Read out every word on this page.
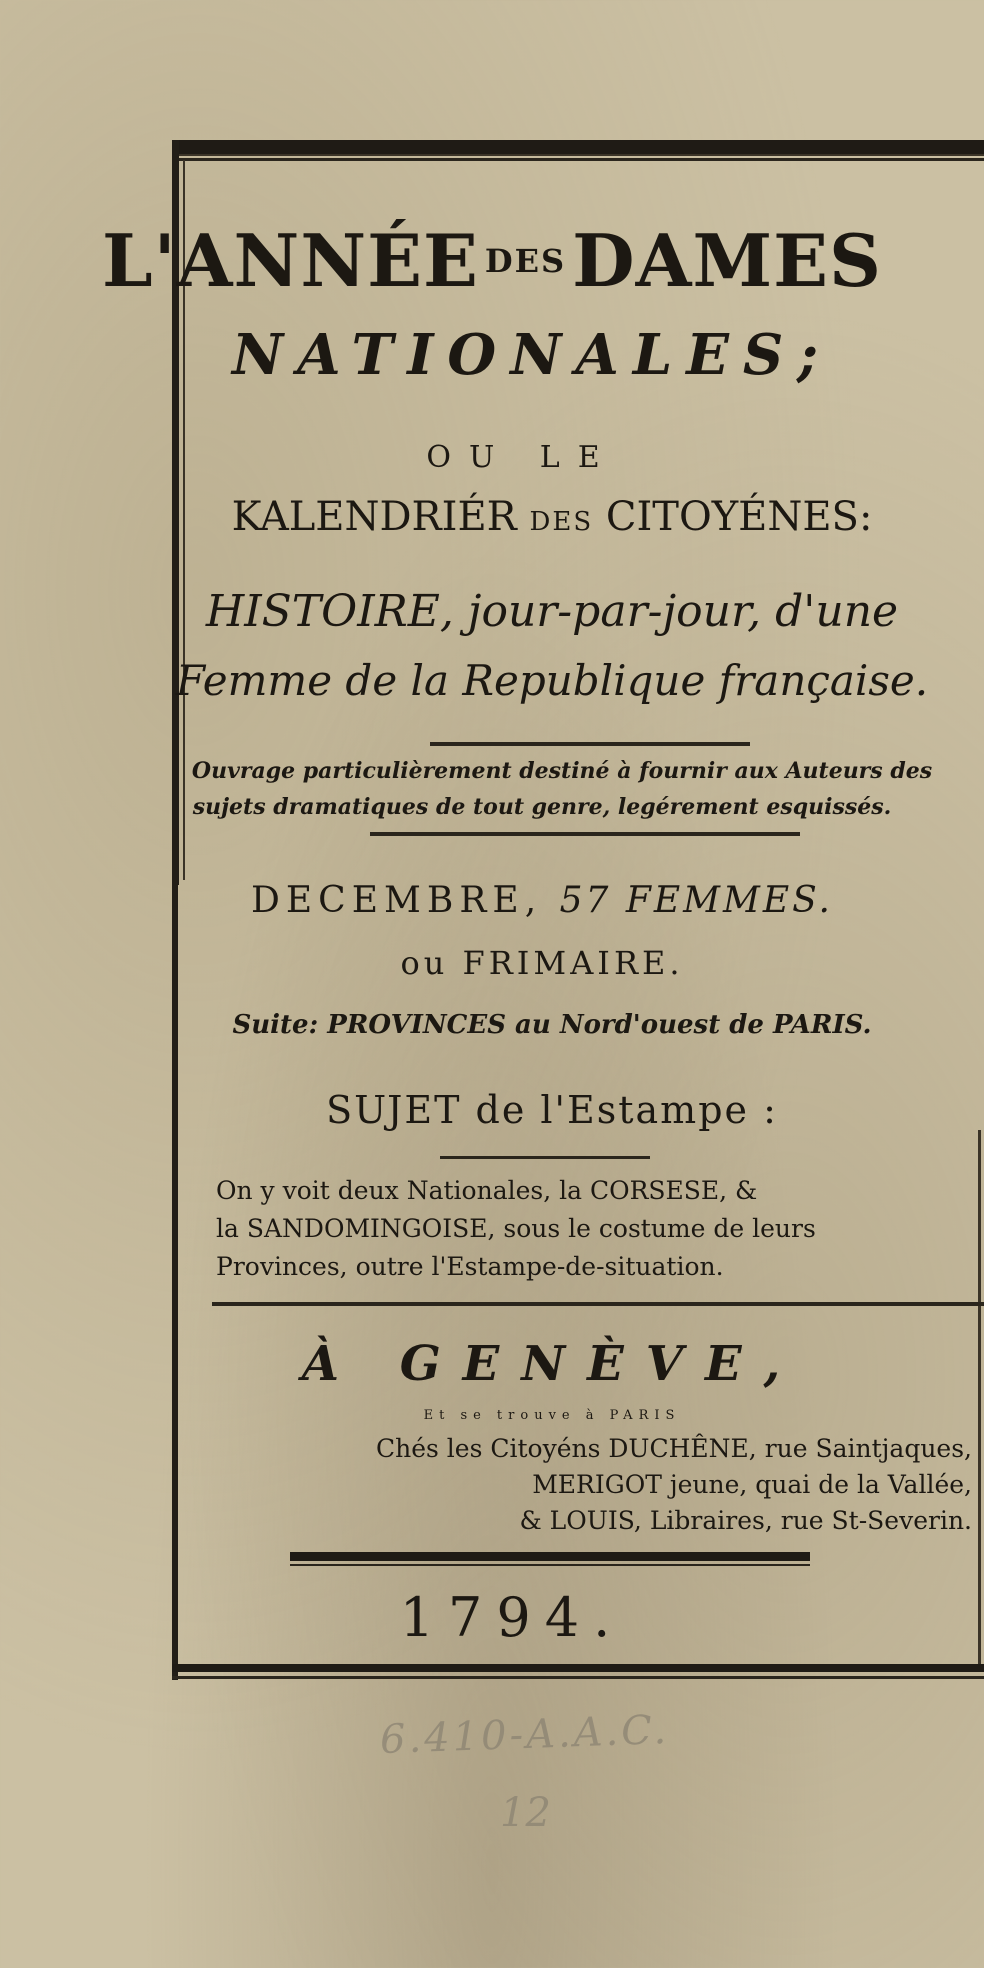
L'ANNÉE DESDAMES
NATIONALES;
OU LE
KALENDRIÉR DES CITOYÉNES:
HISTOIRE, jour-par-jour, d'une
Femme de la Republique française.
Ouvrage particulièrement destiné à fournir aux Auteurs des
sujets dramatiques de tout genre, legérement esquissés.
DECEMBRE, 57 FEMMES.
ou FRIMAIRE.
Suite: PROVINCES au Nord'ouest de PARIS.
SUJET de l'Estampe :
On y voit deux Nationales, la CORSESE, &
la SANDOMINGOISE, sous le costume de leurs
Provinces, outre l'Estampe-de-situation.
À GENÈVE,
Et se trouve à PARIS
Chés les Citoyéns DUCHÊNE, rue Saintjaques,
MERIGOT jeune, quai de la Vallée,
& LOUIS, Libraires, rue St-Severin.
1794.
6.410-A.A.C.
12
